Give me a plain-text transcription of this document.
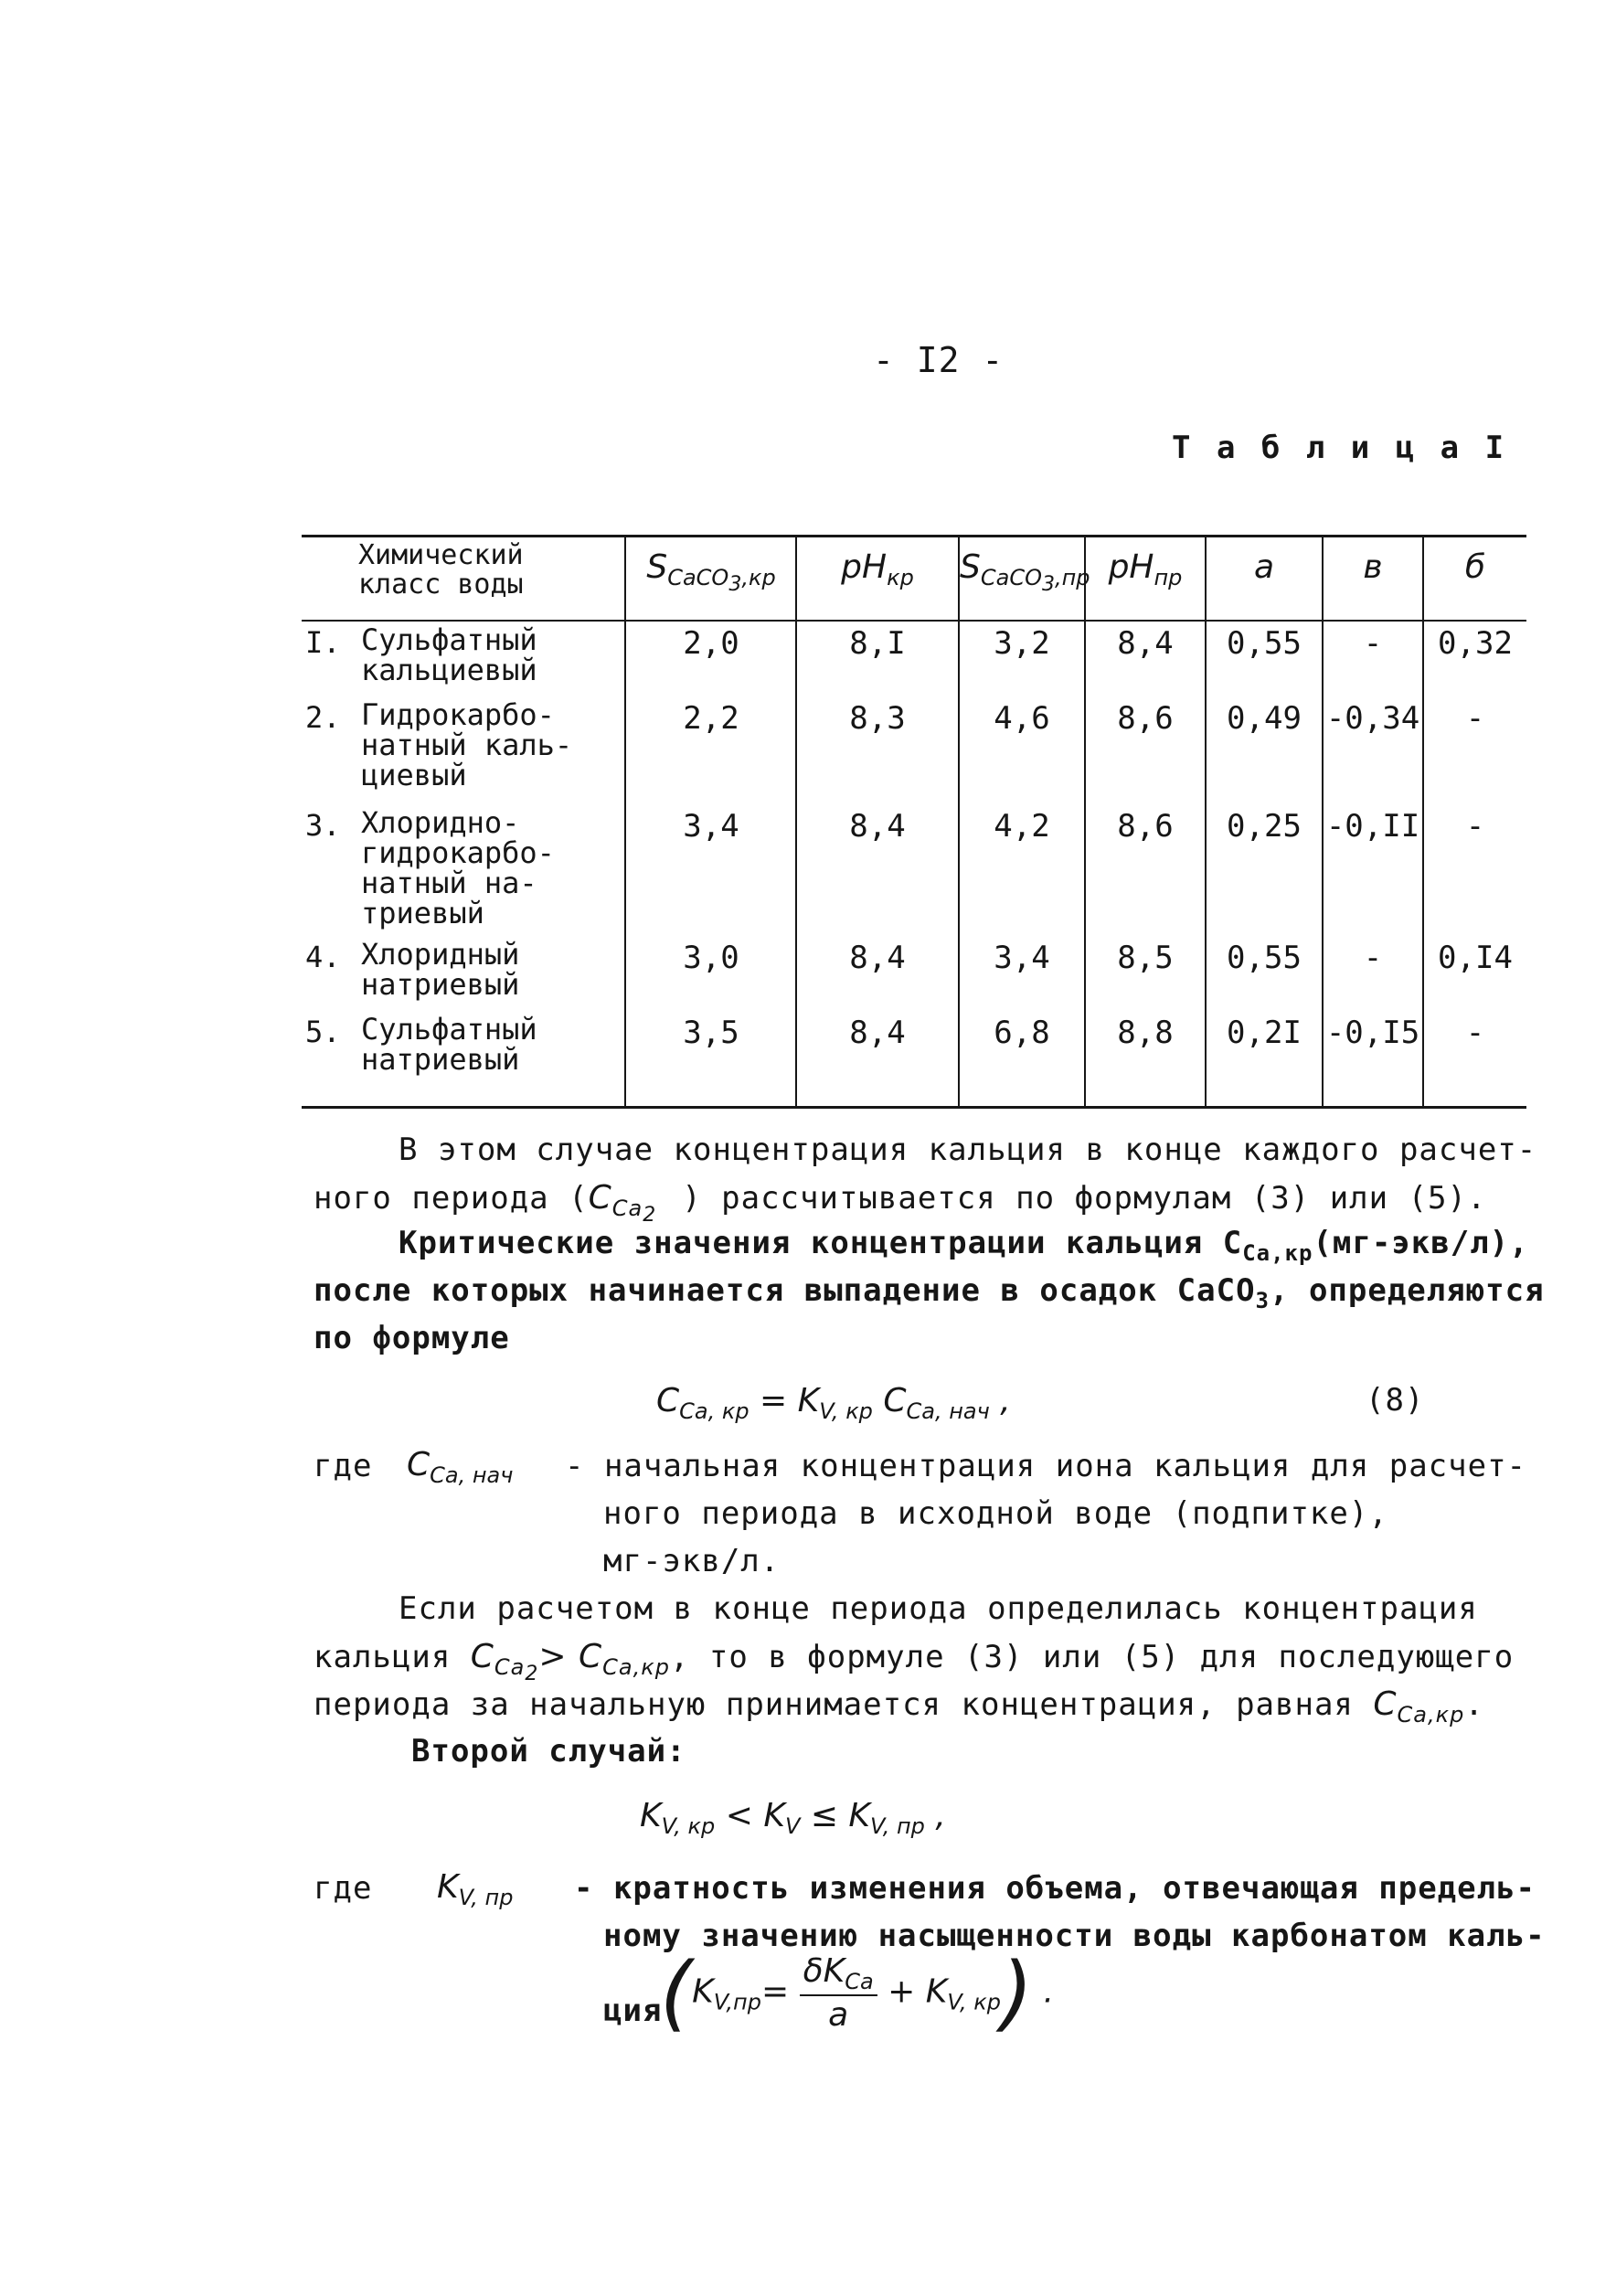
- I2 -
Т а б л и ц а I
Химический
класс воды	$S_{CaCO3,кр}$	$pH_{кр}$	$S_{CaCO3,пр}$ $pH_{пр}$	a	в	б
I. Сульфатный
кальциевый
2,0	8,I	3,2	8,4	0,55	-	0,32
2. Гидрокарбо-
натный каль-
циевый
2,2	8,3	4,6	8,6	0,49 -0,34	-
3. Хлоридно-
гидрокарбо-
натный на-
триевый
3,4	8,4	4,2	8,6	0,25 -0,II	-
4. Хлоридный
натриевый
3,0	8,4	3,4	8,5	0,55	-	0,I4
5. Сульфатный
натриевый
3,5	8,4	6,8	8,8	0,2I -0,I5	-
В этом случае концентрация кальция в конце каждого расчет-
ного периода ($C_{Ca2}$ ) рассчитывается по формулам (3) или (5).
Критические значения концентрации кальция $С_{Ca,кр}(мг-экв/л)$,
после которых начинается выпадение в осадок СаСО$_3$, определяются
по формуле
$C_{Ca, кр} = K_{V, кр}$ $C_{Ca, нач}$ ,	(8)
где $C_{Ca, нач}$ - начальная концентрация иона кальция для расчет-
ного периода в исходной воде (подпитке),
мг-экв/л.
Если расчетом в конце периода определилась концентрация
кальция $C_{Ca2}> C_{Ca,кр}$, то в формуле (3) или (5) для последующего
периода за начальную принимается концентрация, равная $C_{Ca,кр}$.
Второй случай:
$K_{V, кр} < K_V \le K_{V, пр}$ ,
где $K_{V, пр}$ - кратность изменения объема, отвечающая предель-
ному значению насыщенности воды карбонатом каль-
ция
$(K_{V,пр}= \frac{\delta K_{Ca}}{a} + K_{V, кр})$ .
